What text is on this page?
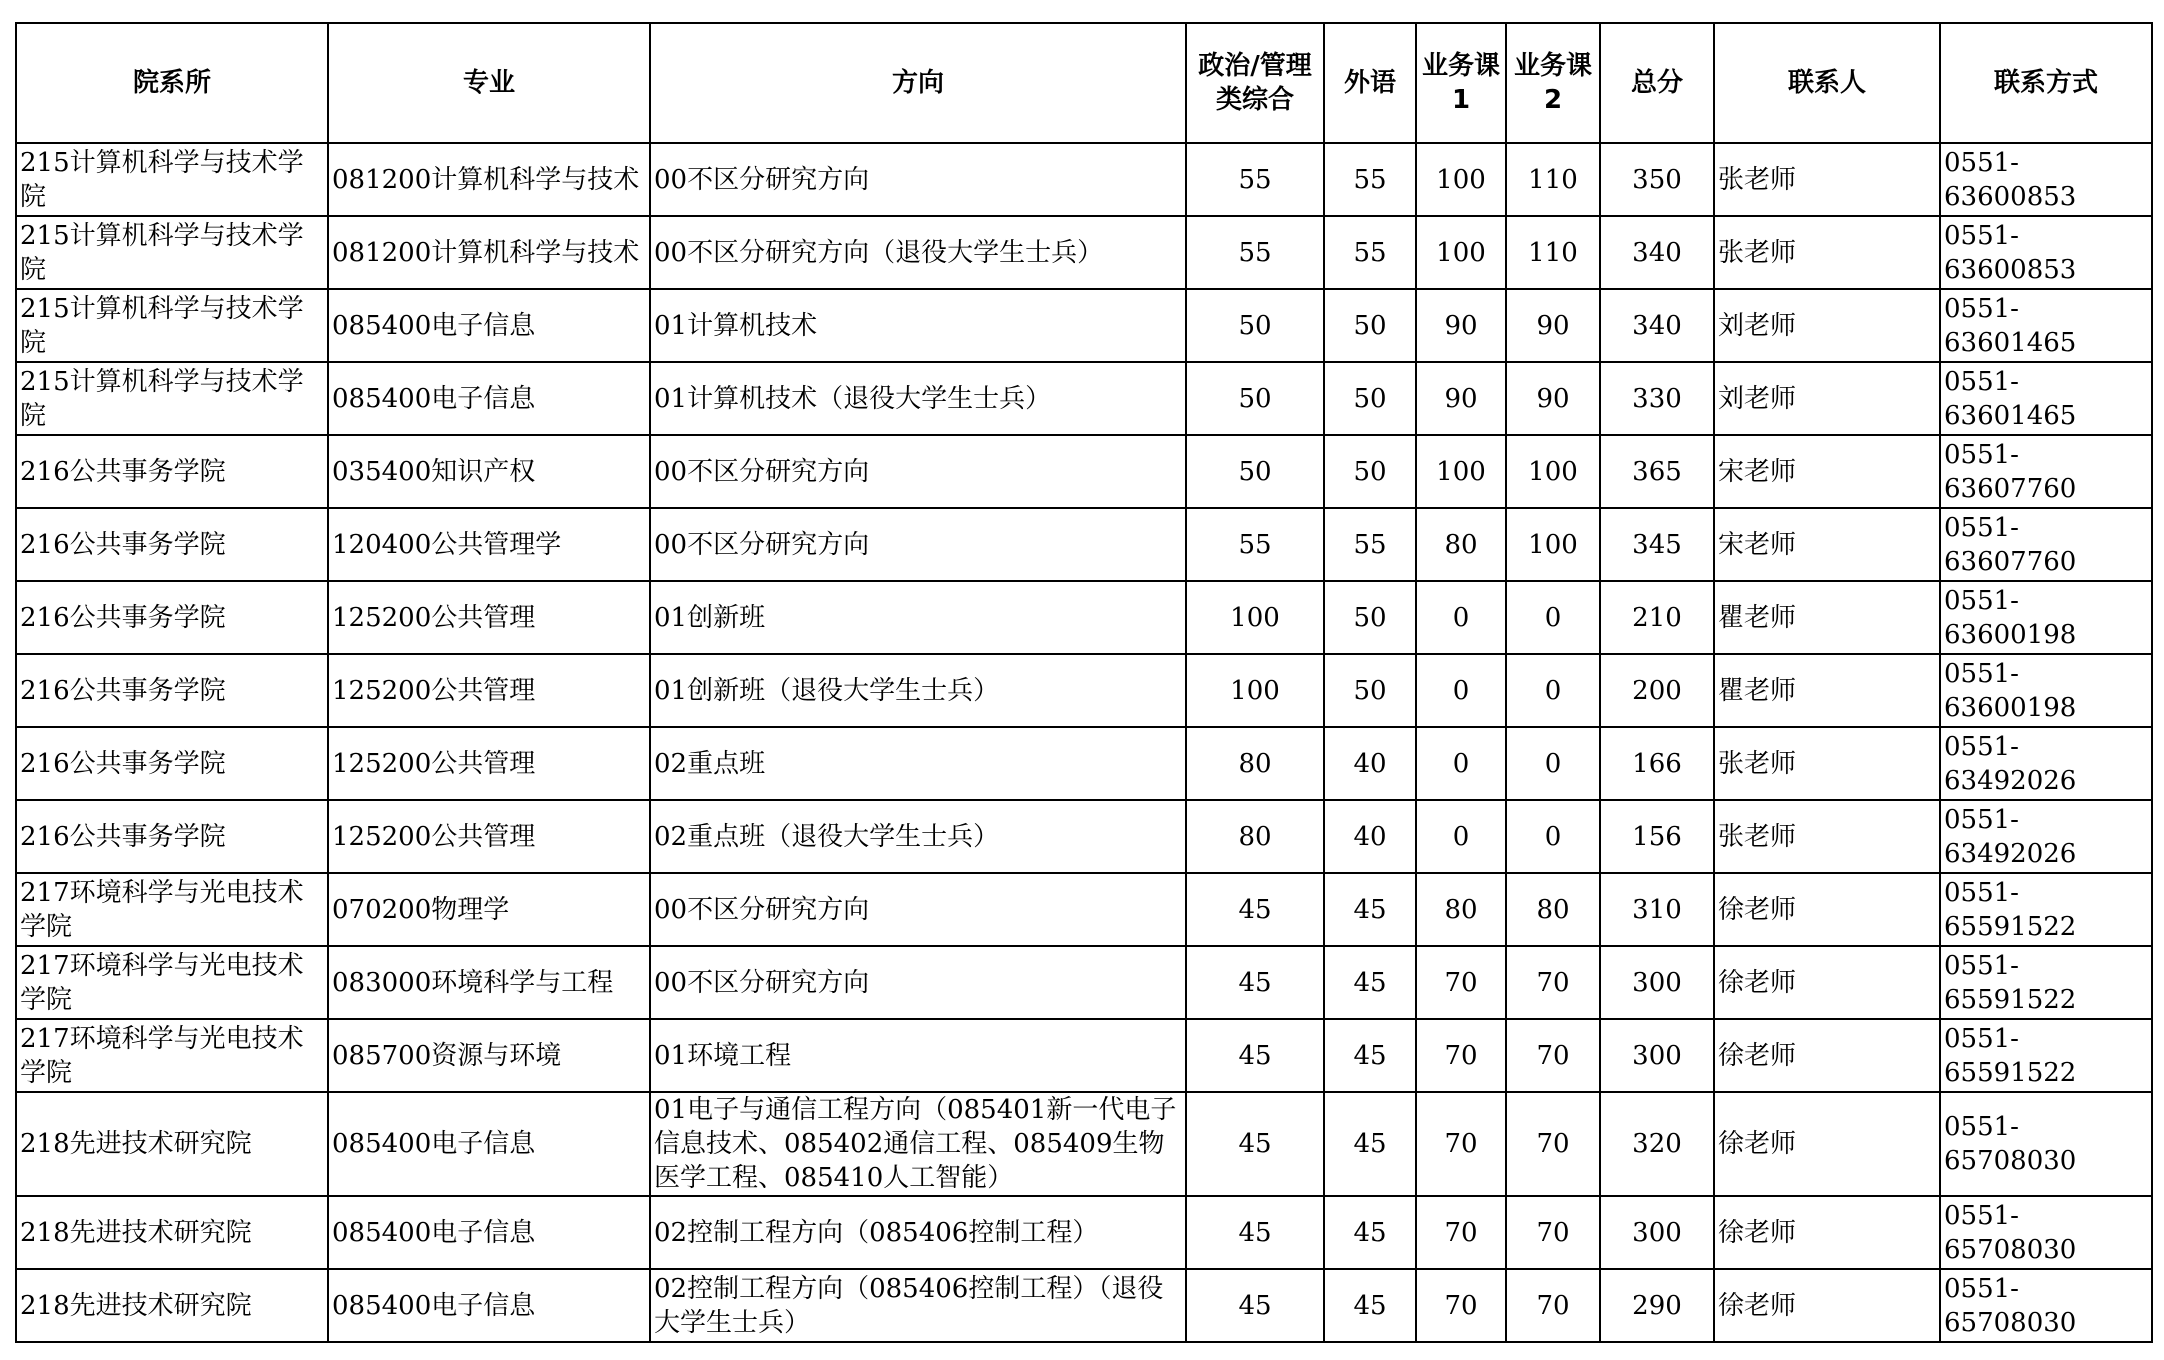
院系所	专业	方向	政治/管理类综合	外语	业务课1	业务课2	总分	联系人	联系方式
215计算机科学与技术学院	081200计算机科学与技术	00不区分研究方向	55	55	100	110	350	张老师	0551-63600853
215计算机科学与技术学院	081200计算机科学与技术	00不区分研究方向（退役大学生士兵）	55	55	100	110	340	张老师	0551-63600853
215计算机科学与技术学院	085400电子信息	01计算机技术	50	50	90	90	340	刘老师	0551-63601465
215计算机科学与技术学院	085400电子信息	01计算机技术（退役大学生士兵）	50	50	90	90	330	刘老师	0551-63601465
216公共事务学院	035400知识产权	00不区分研究方向	50	50	100	100	365	宋老师	0551-63607760
216公共事务学院	120400公共管理学	00不区分研究方向	55	55	80	100	345	宋老师	0551-63607760
216公共事务学院	125200公共管理	01创新班	100	50	0	0	210	瞿老师	0551-63600198
216公共事务学院	125200公共管理	01创新班（退役大学生士兵）	100	50	0	0	200	瞿老师	0551-63600198
216公共事务学院	125200公共管理	02重点班	80	40	0	0	166	张老师	0551-63492026
216公共事务学院	125200公共管理	02重点班（退役大学生士兵）	80	40	0	0	156	张老师	0551-63492026
217环境科学与光电技术学院	070200物理学	00不区分研究方向	45	45	80	80	310	徐老师	0551-65591522
217环境科学与光电技术学院	083000环境科学与工程	00不区分研究方向	45	45	70	70	300	徐老师	0551-65591522
217环境科学与光电技术学院	085700资源与环境	01环境工程	45	45	70	70	300	徐老师	0551-65591522
218先进技术研究院	085400电子信息	01电子与通信工程方向（085401新一代电子信息技术、085402通信工程、085409生物医学工程、085410人工智能）	45	45	70	70	320	徐老师	0551-65708030
218先进技术研究院	085400电子信息	02控制工程方向（085406控制工程）	45	45	70	70	300	徐老师	0551-65708030
218先进技术研究院	085400电子信息	02控制工程方向（085406控制工程）（退役大学生士兵）	45	45	70	70	290	徐老师	0551-65708030
